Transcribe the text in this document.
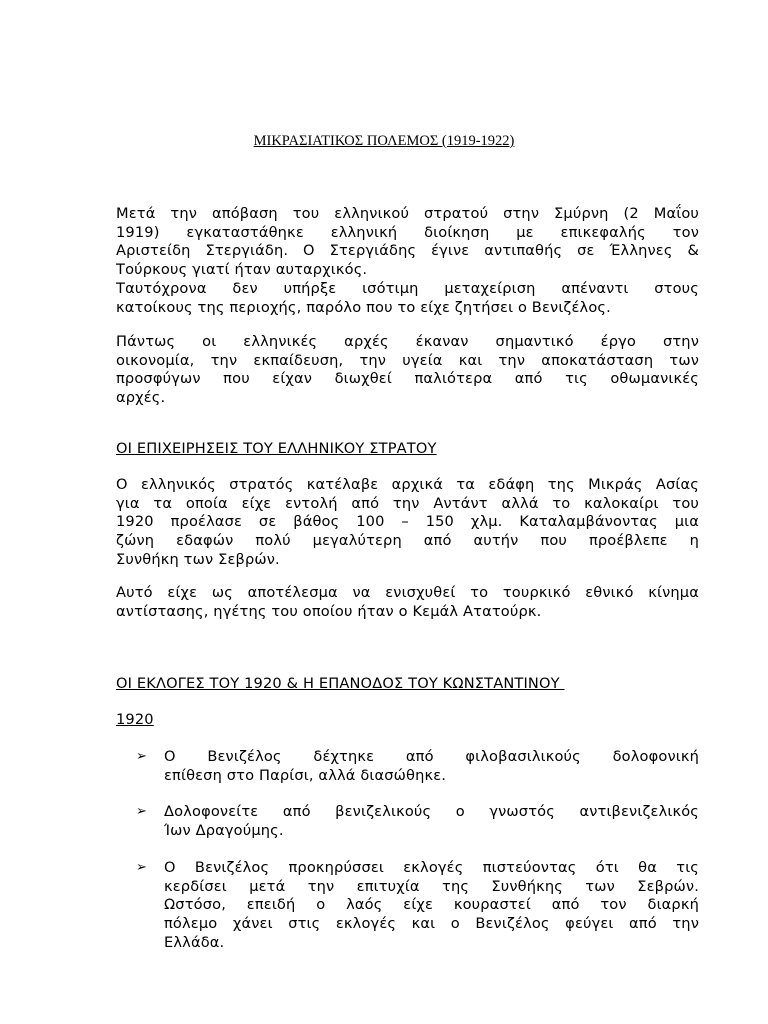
ΜΙΚΡΑΣΙΑΤΙΚΟΣ ΠΟΛΕΜΟΣ (1919-1922)
Μετά την απόβαση του ελληνικού στρατού στην Σμύρνη (2 Μαΐου
1919) εγκαταστάθηκε ελληνική διοίκηση με επικεφαλής τον
Αριστείδη Στεργιάδη. Ο Στεργιάδης έγινε αντιπαθής σε Έλληνες &
Τούρκους γιατί ήταν αυταρχικός.
Ταυτόχρονα δεν υπήρξε ισότιμη μεταχείριση απέναντι στους
κατοίκους της περιοχής, παρόλο που το είχε ζητήσει ο Βενιζέλος.
Πάντως οι ελληνικές αρχές έκαναν σημαντικό έργο στην
οικονομία, την εκπαίδευση, την υγεία και την αποκατάσταση των
προσφύγων που είχαν διωχθεί παλιότερα από τις οθωμανικές
αρχές.
ΟΙ ΕΠΙΧΕΙΡΗΣΕΙΣ ΤΟΥ ΕΛΛΗΝΙΚΟΥ ΣΤΡΑΤΟΥ
Ο ελληνικός στρατός κατέλαβε αρχικά τα εδάφη της Μικράς Ασίας
για τα οποία είχε εντολή από την Αντάντ αλλά το καλοκαίρι του
1920 προέλασε σε βάθος 100 – 150 χλμ. Καταλαμβάνοντας μια
ζώνη εδαφών πολύ μεγαλύτερη από αυτήν που προέβλεπε η
Συνθήκη των Σεβρών.
Αυτό είχε ως αποτέλεσμα να ενισχυθεί το τουρκικό εθνικό κίνημα
αντίστασης, ηγέτης του οποίου ήταν ο Κεμάλ Ατατούρκ.
ΟΙ ΕΚΛΟΓΕΣ ΤΟΥ 1920 & Η ΕΠΑΝΟΔΟΣ ΤΟΥ ΚΩΝΣΤΑΝΤΙΝΟΥ
1920
➢ Ο Βενιζέλος δέχτηκε από φιλοβασιλικούς δολοφονική
επίθεση στο Παρίσι, αλλά διασώθηκε.
➢ Δολοφονείτε από βενιζελικούς ο γνωστός αντιβενιζελικός
Ίων Δραγούμης.
➢ Ο Βενιζέλος προκηρύσσει εκλογές πιστεύοντας ότι θα τις
κερδίσει μετά την επιτυχία της Συνθήκης των Σεβρών.
Ωστόσο, επειδή ο λαός είχε κουραστεί από τον διαρκή
πόλεμο χάνει στις εκλογές και ο Βενιζέλος φεύγει από την
Ελλάδα.
